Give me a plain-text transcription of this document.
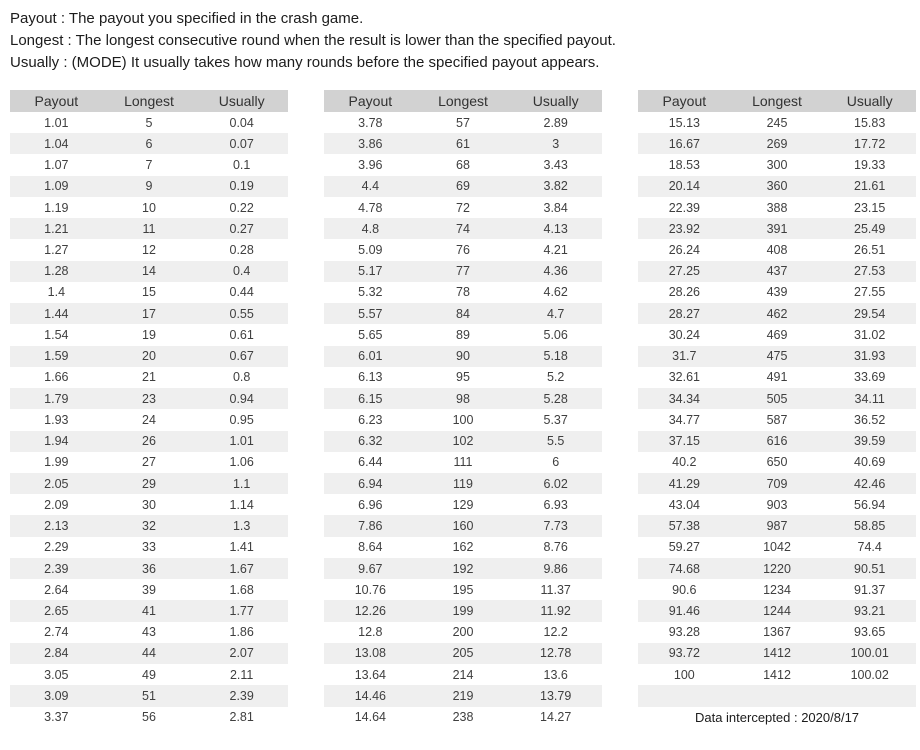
Payout : The payout you specified in the crash game.

Longest : The longest consecutive round when the result is lower than the specified payout.

Usually : (MODE) It usually takes how many rounds before the specified payout appears.

Payout	Longest	Usually
1.01	5	0.04
1.04	6	0.07
1.07	7	0.1
1.09	9	0.19
1.19	10	0.22
1.21	11	0.27
1.27	12	0.28
1.28	14	0.4
1.4	15	0.44
1.44	17	0.55
1.54	19	0.61
1.59	20	0.67
1.66	21	0.8
1.79	23	0.94
1.93	24	0.95
1.94	26	1.01
1.99	27	1.06
2.05	29	1.1
2.09	30	1.14
2.13	32	1.3
2.29	33	1.41
2.39	36	1.67
2.64	39	1.68
2.65	41	1.77
2.74	43	1.86
2.84	44	2.07
3.05	49	2.11
3.09	51	2.39
3.37	56	2.81
Payout	Longest	Usually
3.78	57	2.89
3.86	61	3
3.96	68	3.43
4.4	69	3.82
4.78	72	3.84
4.8	74	4.13
5.09	76	4.21
5.17	77	4.36
5.32	78	4.62
5.57	84	4.7
5.65	89	5.06
6.01	90	5.18
6.13	95	5.2
6.15	98	5.28
6.23	100	5.37
6.32	102	5.5
6.44	111	6
6.94	119	6.02
6.96	129	6.93
7.86	160	7.73
8.64	162	8.76
9.67	192	9.86
10.76	195	11.37
12.26	199	11.92
12.8	200	12.2
13.08	205	12.78
13.64	214	13.6
14.46	219	13.79
14.64	238	14.27
Payout	Longest	Usually
15.13	245	15.83
16.67	269	17.72
18.53	300	19.33
20.14	360	21.61
22.39	388	23.15
23.92	391	25.49
26.24	408	26.51
27.25	437	27.53
28.26	439	27.55
28.27	462	29.54
30.24	469	31.02
31.7	475	31.93
32.61	491	33.69
34.34	505	34.11
34.77	587	36.52
37.15	616	39.59
40.2	650	40.69
41.29	709	42.46
43.04	903	56.94
57.38	987	58.85
59.27	1042	74.4
74.68	1220	90.51
90.6	1234	91.37
91.46	1244	93.21
93.28	1367	93.65
93.72	1412	100.01
100	1412	100.02
Data intercepted : 2020/8/17
